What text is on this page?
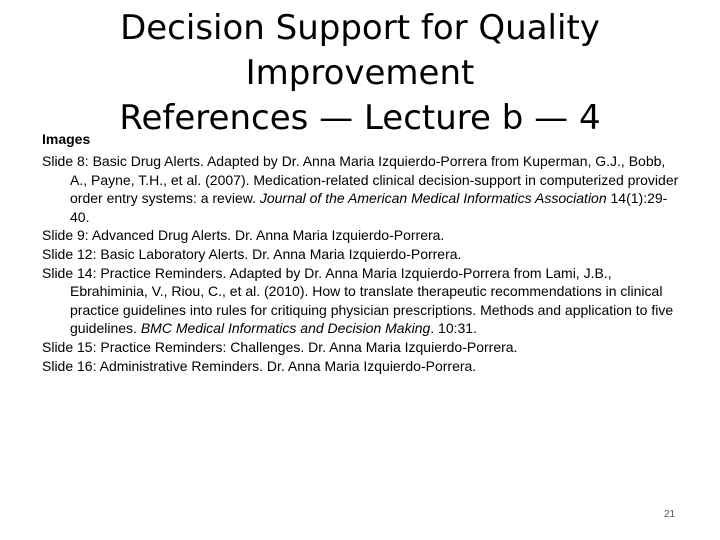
Decision Support for Quality
Improvement
References — Lecture b — 4
Images
Slide 8: Basic Drug Alerts. Adapted by Dr. Anna Maria Izquierdo-Porrera from Kuperman, G.J., Bobb, A., Payne, T.H., et al. (2007). Medication-related clinical decision-support in computerized provider order entry systems: a review. Journal of the American Medical Informatics Association 14(1):29-40.
Slide 9: Advanced Drug Alerts. Dr. Anna Maria Izquierdo-Porrera.
Slide 12: Basic Laboratory Alerts. Dr. Anna Maria Izquierdo-Porrera.
Slide 14: Practice Reminders. Adapted by Dr. Anna Maria Izquierdo-Porrera from Lami, J.B., Ebrahiminia, V., Riou, C., et al. (2010). How to translate therapeutic recommendations in clinical practice guidelines into rules for critiquing physician prescriptions. Methods and application to five guidelines. BMC Medical Informatics and Decision Making. 10:31.
Slide 15: Practice Reminders: Challenges. Dr. Anna Maria Izquierdo-Porrera.
Slide 16: Administrative Reminders. Dr. Anna Maria Izquierdo-Porrera.
21
